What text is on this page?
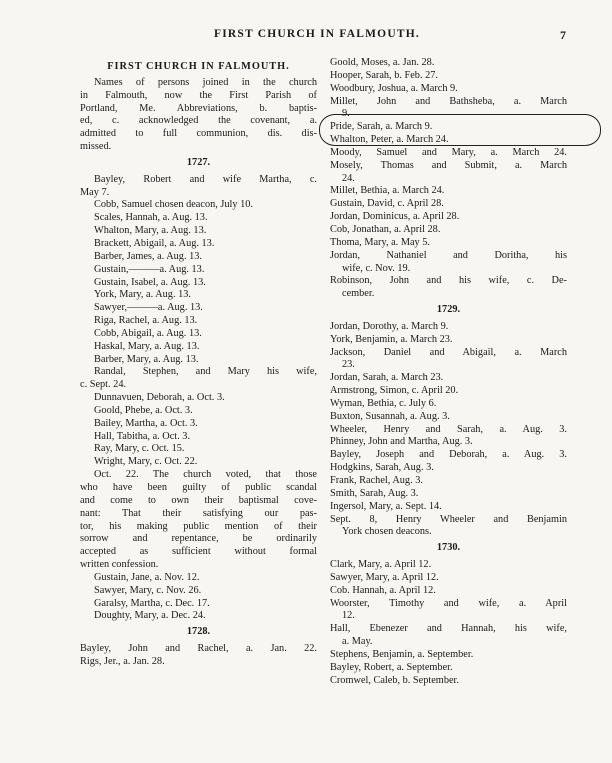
FIRST CHURCH IN FALMOUTH.	7
FIRST CHURCH IN FALMOUTH.
Names of persons joined in the church
in Falmouth, now the First Parish of
Portland, Me. Abbreviations, b. baptis-
ed, c. acknowledged the covenant, a.
admitted to full communion, dis. dis-
missed.
1727.
Bayley, Robert and wife Martha, c.
May 7.
Cobb, Samuel chosen deacon, July 10.
Scales, Hannah, a. Aug. 13.
Whalton, Mary, a. Aug. 13.
Brackett, Abigail, a. Aug. 13.
Barber, James, a. Aug. 13.
Gustain,———a. Aug. 13.
Gustain, Isabel, a. Aug. 13.
York, Mary, a. Aug. 13.
Sawyer,———a. Aug. 13.
Riga, Rachel, a. Aug. 13.
Cobb, Abigail, a. Aug. 13.
Haskal, Mary, a. Aug. 13.
Barber, Mary, a. Aug. 13.
Randal, Stephen, and Mary his wife,
c. Sept. 24.
Dunnavuen, Deborah, a. Oct. 3.
Goold, Phebe, a. Oct. 3.
Bailey, Martha, a. Oct. 3.
Hall, Tabitha, a. Oct. 3.
Ray, Mary, c. Oct. 15.
Wright, Mary, c. Oct. 22.
Oct. 22. The church voted, that those
who have been guilty of public scandal
and come to own their baptismal cove-
nant: That their satisfying our pas-
tor, his making public mention of their
sorrow and repentance, be ordinarily
accepted as sufficient without formal
written confession.
Gustain, Jane, a. Nov. 12.
Sawyer, Mary, c. Nov. 26.
Garalsy, Martha, c. Dec. 17.
Doughty, Mary, a. Dec. 24.
1728.
Bayley, John and Rachel, a. Jan. 22.
Rigs, Jer., a. Jan. 28.
Goold, Moses, a. Jan. 28.
Hooper, Sarah, b. Feb. 27.
Woodbury, Joshua, a. March 9.
Millet, John and Bathsheba, a. March
9.
Pride, Sarah, a. March 9.
Whalton, Peter, a. March 24.
Moody, Samuel and Mary, a. March 24.
Mosely, Thomas and Submit, a. March
24.
Millet, Bethia, a. March 24.
Gustain, David, c. April 28.
Jordan, Dominicus, a. April 28.
Cob, Jonathan, a. April 28.
Thoma, Mary, a. May 5.
Jordan, Nathaniel and Doritha, his
wife, c. Nov. 19.
Robinson, John and his wife, c. De-
cember.
1729.
Jordan, Dorothy, a. March 9.
York, Benjamin, a. March 23.
Jackson, Daniel and Abigail, a. March
23.
Jordan, Sarah, a. March 23.
Armstrong, Simon, c. April 20.
Wyman, Bethia, c. July 6.
Buxton, Susannah, a. Aug. 3.
Wheeler, Henry and Sarah, a. Aug. 3.
Phinney, John and Martha, Aug. 3.
Bayley, Joseph and Deborah, a. Aug. 3.
Hodgkins, Sarah, Aug. 3.
Frank, Rachel, Aug. 3.
Smith, Sarah, Aug. 3.
Ingersol, Mary, a. Sept. 14.
Sept. 8, Henry Wheeler and Benjamin
York chosen deacons.
1730.
Clark, Mary, a. April 12.
Sawyer, Mary, a. April 12.
Cob. Hannah, a. April 12.
Woorster, Timothy and wife, a. April
12.
Hall, Ebenezer and Hannah, his wife,
a. May.
Stephens, Benjamin, a. September.
Bayley, Robert, a. September.
Cromwel, Caleb, b. September.
